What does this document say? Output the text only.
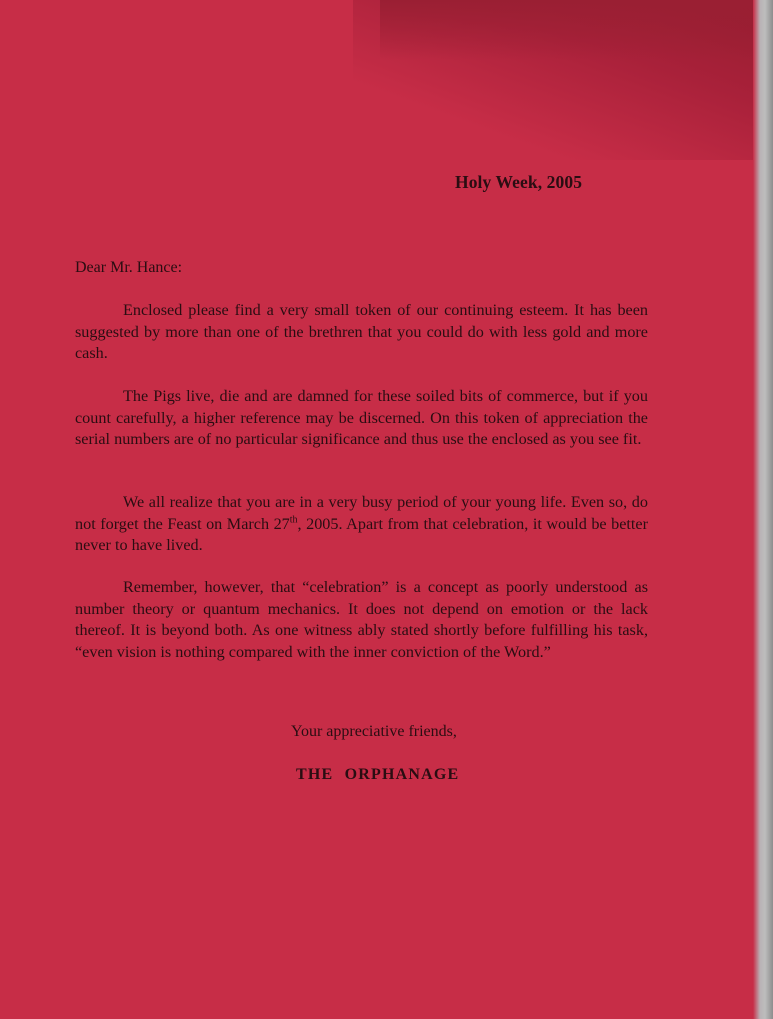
Holy Week, 2005
Dear Mr. Hance:

Enclosed please find a very small token of our continuing esteem. It has been suggested by more than one of the brethren that you could do with less gold and more cash.

The Pigs live, die and are damned for these soiled bits of commerce, but if you count carefully, a higher reference may be discerned. On this token of appreciation the serial numbers are of no particular significance and thus use the enclosed as you see fit.

We all realize that you are in a very busy period of your young life. Even so, do not forget the Feast on March 27th, 2005. Apart from that celebration, it would be better never to have lived.

Remember, however, that “celebration” is a concept as poorly understood as number theory or quantum mechanics. It does not depend on emotion or the lack thereof. It is beyond both. As one witness ably stated shortly before fulfilling his task, “even vision is nothing compared with the inner conviction of the Word.”

Your appreciative friends,
THE ORPHANAGE
